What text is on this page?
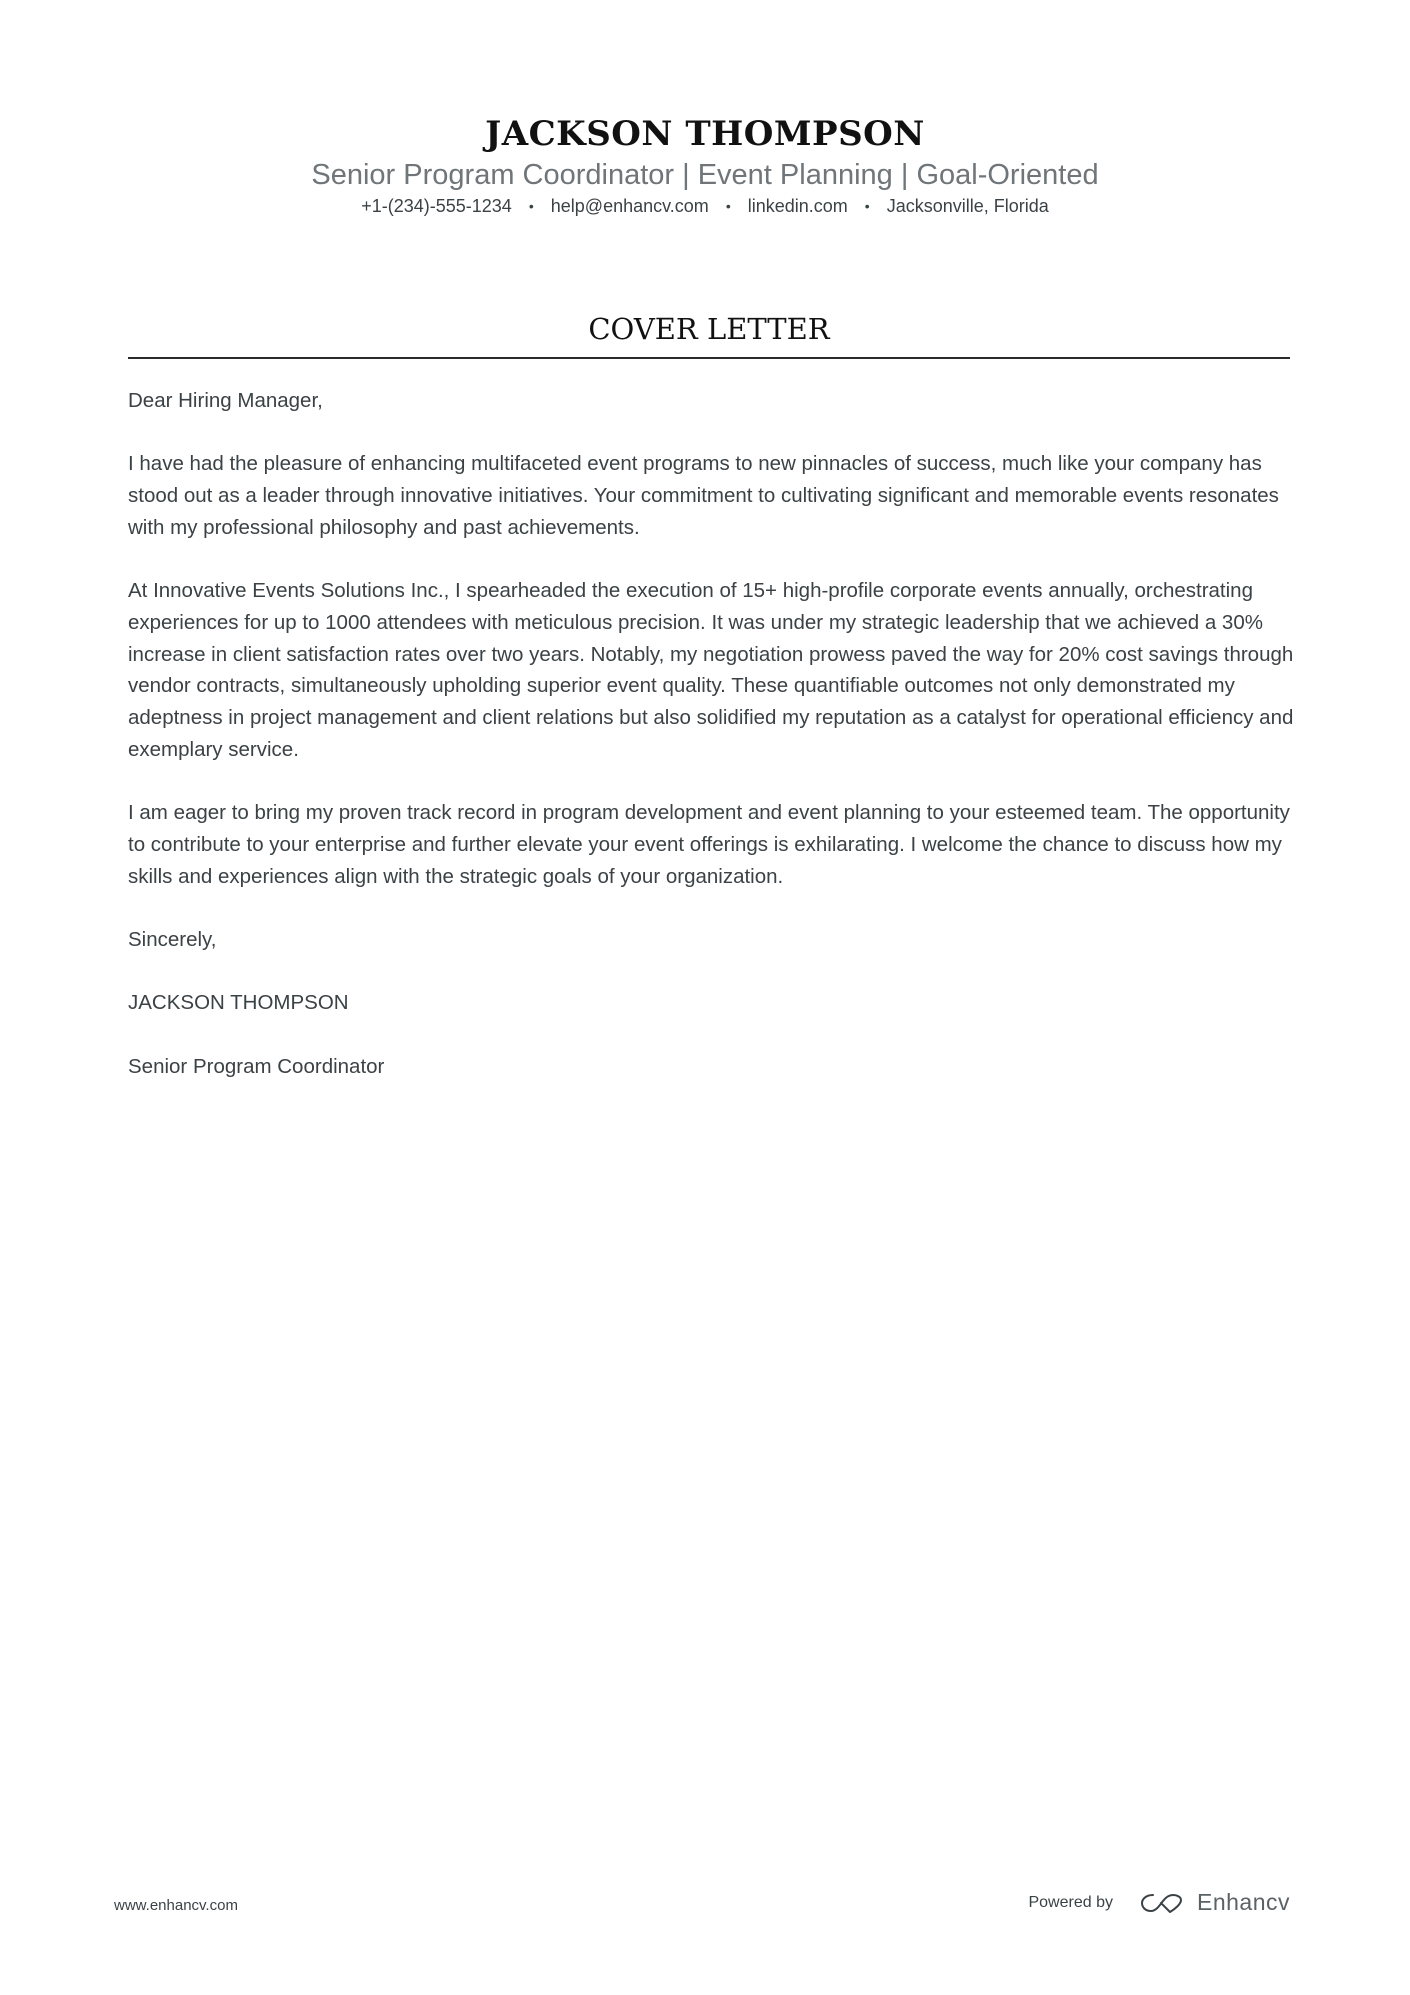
JACKSON THOMPSON
Senior Program Coordinator | Event Planning | Goal-Oriented
+1-(234)-555-1234 • help@enhancv.com • linkedin.com • Jacksonville, Florida
COVER LETTER

Dear Hiring Manager,

I have had the pleasure of enhancing multifaceted event programs to new pinnacles of success, much like your company has stood out as a leader through innovative initiatives. Your commitment to cultivating significant and memorable events resonates with my professional philosophy and past achievements.

At Innovative Events Solutions Inc., I spearheaded the execution of 15+ high-profile corporate events annually, orchestrating experiences for up to 1000 attendees with meticulous precision. It was under my strategic leadership that we achieved a 30% increase in client satisfaction rates over two years. Notably, my negotiation prowess paved the way for 20% cost savings through vendor contracts, simultaneously upholding superior event quality. These quantifiable outcomes not only demonstrated my adeptness in project management and client relations but also solidified my reputation as a catalyst for operational efficiency and exemplary service.

I am eager to bring my proven track record in program development and event planning to your esteemed team. The opportunity to contribute to your enterprise and further elevate your event offerings is exhilarating. I welcome the chance to discuss how my skills and experiences align with the strategic goals of your organization.

Sincerely,

JACKSON THOMPSON

Senior Program Coordinator

www.enhancv.com	Powered by	Enhancv
